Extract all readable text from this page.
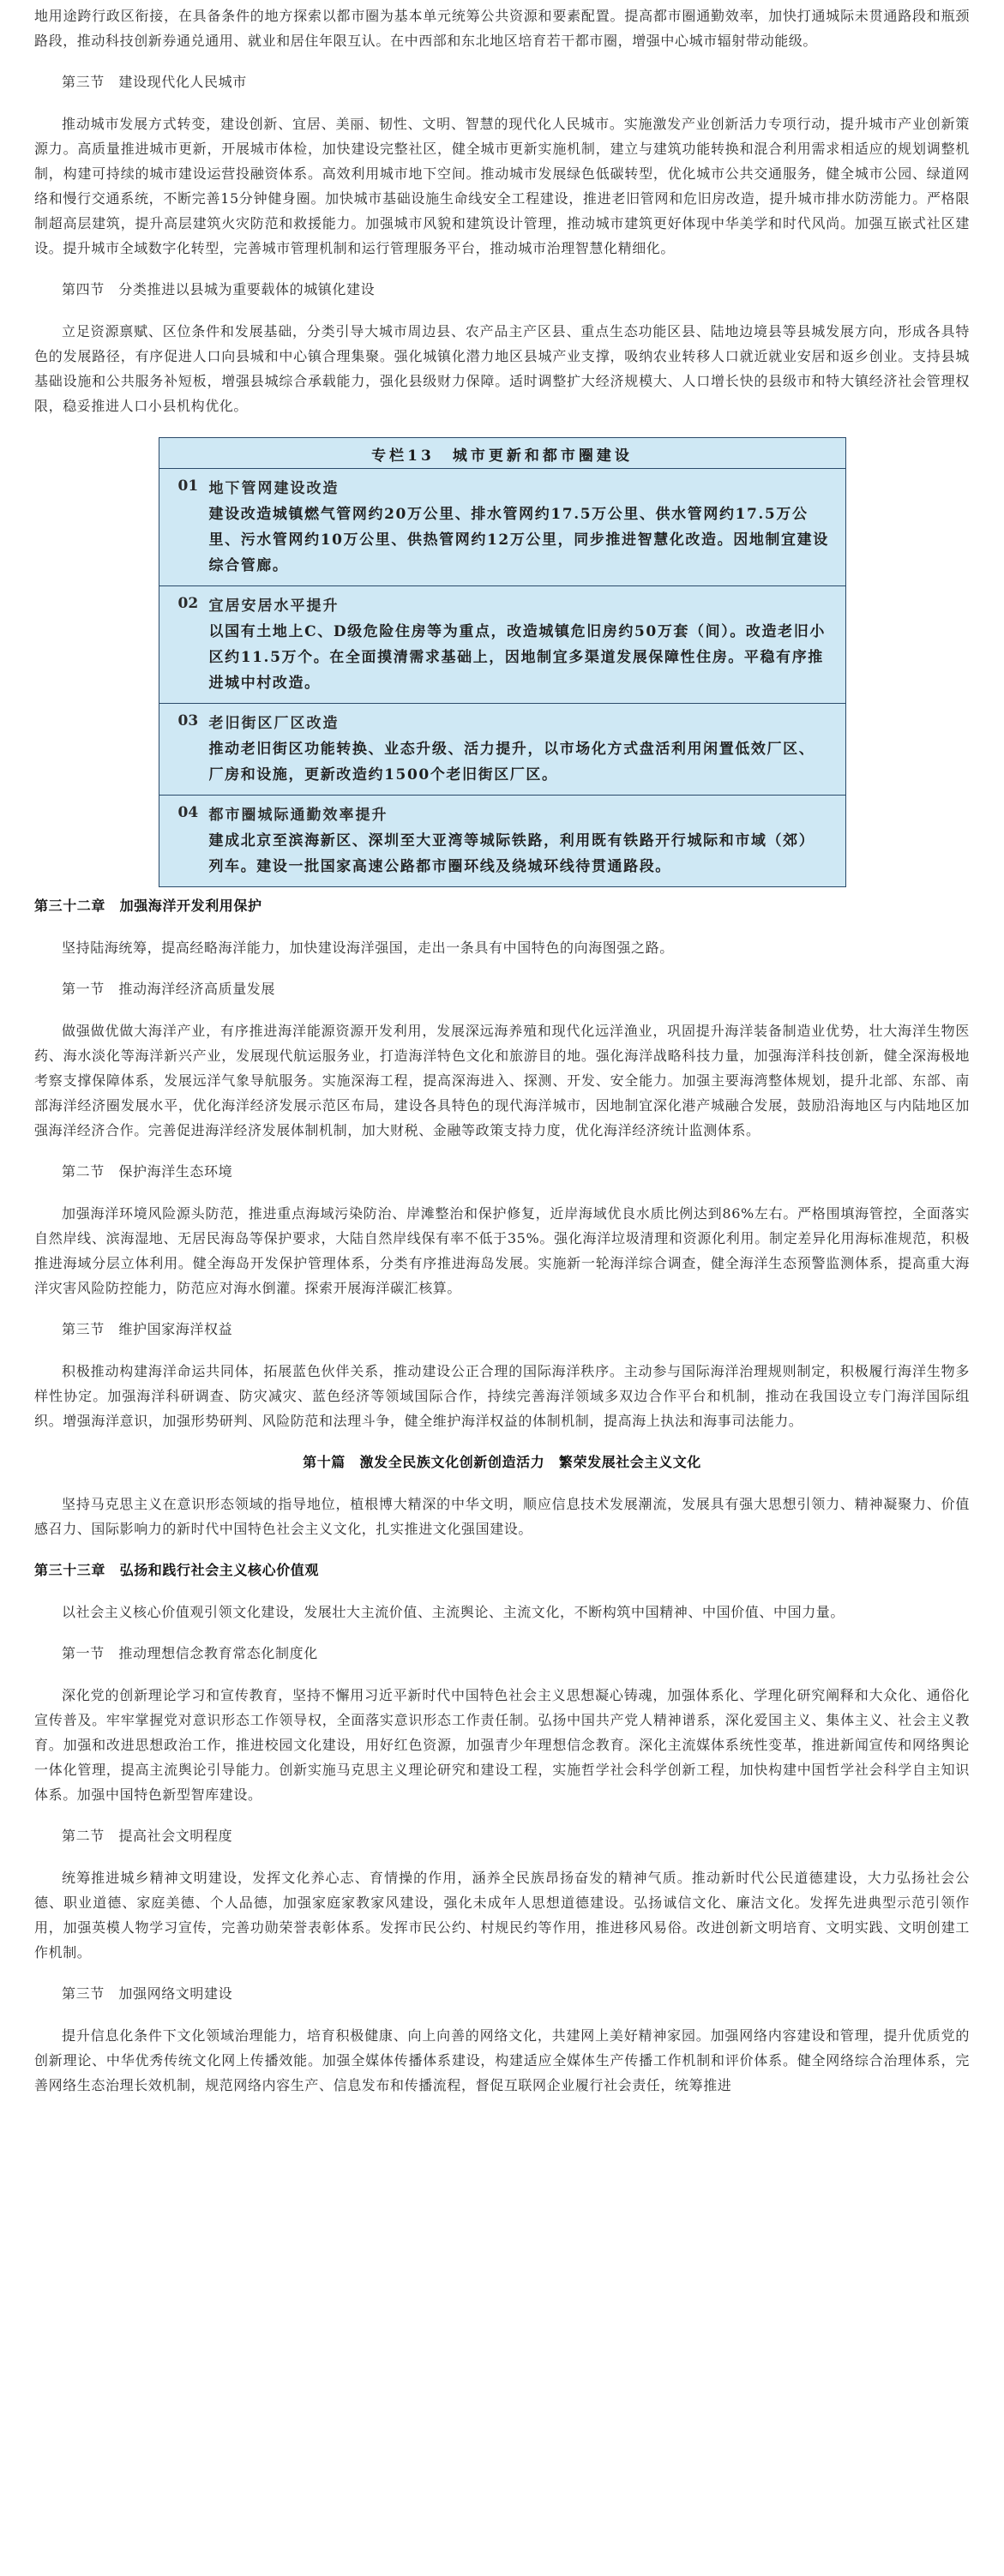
地用途跨行政区衔接，在具备条件的地方探索以都市圈为基本单元统筹公共资源和要素配置。提高都市圈通勤效率，加快打通城际未贯通路段和瓶颈路段，推动科技创新券通兑通用、就业和居住年限互认。在中西部和东北地区培育若干都市圈，增强中心城市辐射带动能级。

第三节　建设现代化人民城市

推动城市发展方式转变，建设创新、宜居、美丽、韧性、文明、智慧的现代化人民城市。实施激发产业创新活力专项行动，提升城市产业创新策源力。高质量推进城市更新，开展城市体检，加快建设完整社区，健全城市更新实施机制，建立与建筑功能转换和混合利用需求相适应的规划调整机制，构建可持续的城市建设运营投融资体系。高效利用城市地下空间。推动城市发展绿色低碳转型，优化城市公共交通服务，健全城市公园、绿道网络和慢行交通系统，不断完善15分钟健身圈。加快城市基础设施生命线安全工程建设，推进老旧管网和危旧房改造，提升城市排水防涝能力。严格限制超高层建筑，提升高层建筑火灾防范和救援能力。加强城市风貌和建筑设计管理，推动城市建筑更好体现中华美学和时代风尚。加强互嵌式社区建设。提升城市全域数字化转型，完善城市管理机制和运行管理服务平台，推动城市治理智慧化精细化。

第四节　分类推进以县城为重要载体的城镇化建设

立足资源禀赋、区位条件和发展基础，分类引导大城市周边县、农产品主产区县、重点生态功能区县、陆地边境县等县城发展方向，形成各具特色的发展路径，有序促进人口向县城和中心镇合理集聚。强化城镇化潜力地区县城产业支撑，吸纳农业转移人口就近就业安居和返乡创业。支持县城基础设施和公共服务补短板，增强县城综合承载能力，强化县级财力保障。适时调整扩大经济规模大、人口增长快的县级市和特大镇经济社会管理权限，稳妥推进人口小县机构优化。

专栏13　城市更新和都市圈建设
01 地下管网建设改造
建设改造城镇燃气管网约20万公里、排水管网约17.5万公里、供水管网约17.5万公里、污水管网约10万公里、供热管网约12万公里，同步推进智慧化改造。因地制宜建设综合管廊。
02 宜居安居水平提升
以国有土地上C、D级危险住房等为重点，改造城镇危旧房约50万套（间）。改造老旧小区约11.5万个。在全面摸清需求基础上，因地制宜多渠道发展保障性住房。平稳有序推进城中村改造。
03 老旧街区厂区改造
推动老旧街区功能转换、业态升级、活力提升，以市场化方式盘活利用闲置低效厂区、厂房和设施，更新改造约1500个老旧街区厂区。
04 都市圈城际通勤效率提升
建成北京至滨海新区、深圳至大亚湾等城际铁路，利用既有铁路开行城际和市域（郊）列车。建设一批国家高速公路都市圈环线及绕城环线待贯通路段。

第三十二章　加强海洋开发利用保护

坚持陆海统筹，提高经略海洋能力，加快建设海洋强国，走出一条具有中国特色的向海图强之路。

第一节　推动海洋经济高质量发展

做强做优做大海洋产业，有序推进海洋能源资源开发利用，发展深远海养殖和现代化远洋渔业，巩固提升海洋装备制造业优势，壮大海洋生物医药、海水淡化等海洋新兴产业，发展现代航运服务业，打造海洋特色文化和旅游目的地。强化海洋战略科技力量，加强海洋科技创新，健全深海极地考察支撑保障体系，发展远洋气象导航服务。实施深海工程，提高深海进入、探测、开发、安全能力。加强主要海湾整体规划，提升北部、东部、南部海洋经济圈发展水平，优化海洋经济发展示范区布局，建设各具特色的现代海洋城市，因地制宜深化港产城融合发展，鼓励沿海地区与内陆地区加强海洋经济合作。完善促进海洋经济发展体制机制，加大财税、金融等政策支持力度，优化海洋经济统计监测体系。

第二节　保护海洋生态环境

加强海洋环境风险源头防范，推进重点海域污染防治、岸滩整治和保护修复，近岸海域优良水质比例达到86%左右。严格围填海管控，全面落实自然岸线、滨海湿地、无居民海岛等保护要求，大陆自然岸线保有率不低于35%。强化海洋垃圾清理和资源化利用。制定差异化用海标准规范，积极推进海域分层立体利用。健全海岛开发保护管理体系，分类有序推进海岛发展。实施新一轮海洋综合调查，健全海洋生态预警监测体系，提高重大海洋灾害风险防控能力，防范应对海水倒灌。探索开展海洋碳汇核算。

第三节　维护国家海洋权益

积极推动构建海洋命运共同体，拓展蓝色伙伴关系，推动建设公正合理的国际海洋秩序。主动参与国际海洋治理规则制定，积极履行海洋生物多样性协定。加强海洋科研调查、防灾减灾、蓝色经济等领域国际合作，持续完善海洋领域多双边合作平台和机制，推动在我国设立专门海洋国际组织。增强海洋意识，加强形势研判、风险防范和法理斗争，健全维护海洋权益的体制机制，提高海上执法和海事司法能力。

第十篇　激发全民族文化创新创造活力　繁荣发展社会主义文化

坚持马克思主义在意识形态领域的指导地位，植根博大精深的中华文明，顺应信息技术发展潮流，发展具有强大思想引领力、精神凝聚力、价值感召力、国际影响力的新时代中国特色社会主义文化，扎实推进文化强国建设。

第三十三章　弘扬和践行社会主义核心价值观

以社会主义核心价值观引领文化建设，发展壮大主流价值、主流舆论、主流文化，不断构筑中国精神、中国价值、中国力量。

第一节　推动理想信念教育常态化制度化

深化党的创新理论学习和宣传教育，坚持不懈用习近平新时代中国特色社会主义思想凝心铸魂，加强体系化、学理化研究阐释和大众化、通俗化宣传普及。牢牢掌握党对意识形态工作领导权，全面落实意识形态工作责任制。弘扬中国共产党人精神谱系，深化爱国主义、集体主义、社会主义教育。加强和改进思想政治工作，推进校园文化建设，用好红色资源，加强青少年理想信念教育。深化主流媒体系统性变革，推进新闻宣传和网络舆论一体化管理，提高主流舆论引导能力。创新实施马克思主义理论研究和建设工程，实施哲学社会科学创新工程，加快构建中国哲学社会科学自主知识体系。加强中国特色新型智库建设。

第二节　提高社会文明程度

统筹推进城乡精神文明建设，发挥文化养心志、育情操的作用，涵养全民族昂扬奋发的精神气质。推动新时代公民道德建设，大力弘扬社会公德、职业道德、家庭美德、个人品德，加强家庭家教家风建设，强化未成年人思想道德建设。弘扬诚信文化、廉洁文化。发挥先进典型示范引领作用，加强英模人物学习宣传，完善功勋荣誉表彰体系。发挥市民公约、村规民约等作用，推进移风易俗。改进创新文明培育、文明实践、文明创建工作机制。

第三节　加强网络文明建设

提升信息化条件下文化领域治理能力，培育积极健康、向上向善的网络文化，共建网上美好精神家园。加强网络内容建设和管理，提升优质党的创新理论、中华优秀传统文化网上传播效能。加强全媒体传播体系建设，构建适应全媒体生产传播工作机制和评价体系。健全网络综合治理体系，完善网络生态治理长效机制，规范网络内容生产、信息发布和传播流程，督促互联网企业履行社会责任，统筹推进
